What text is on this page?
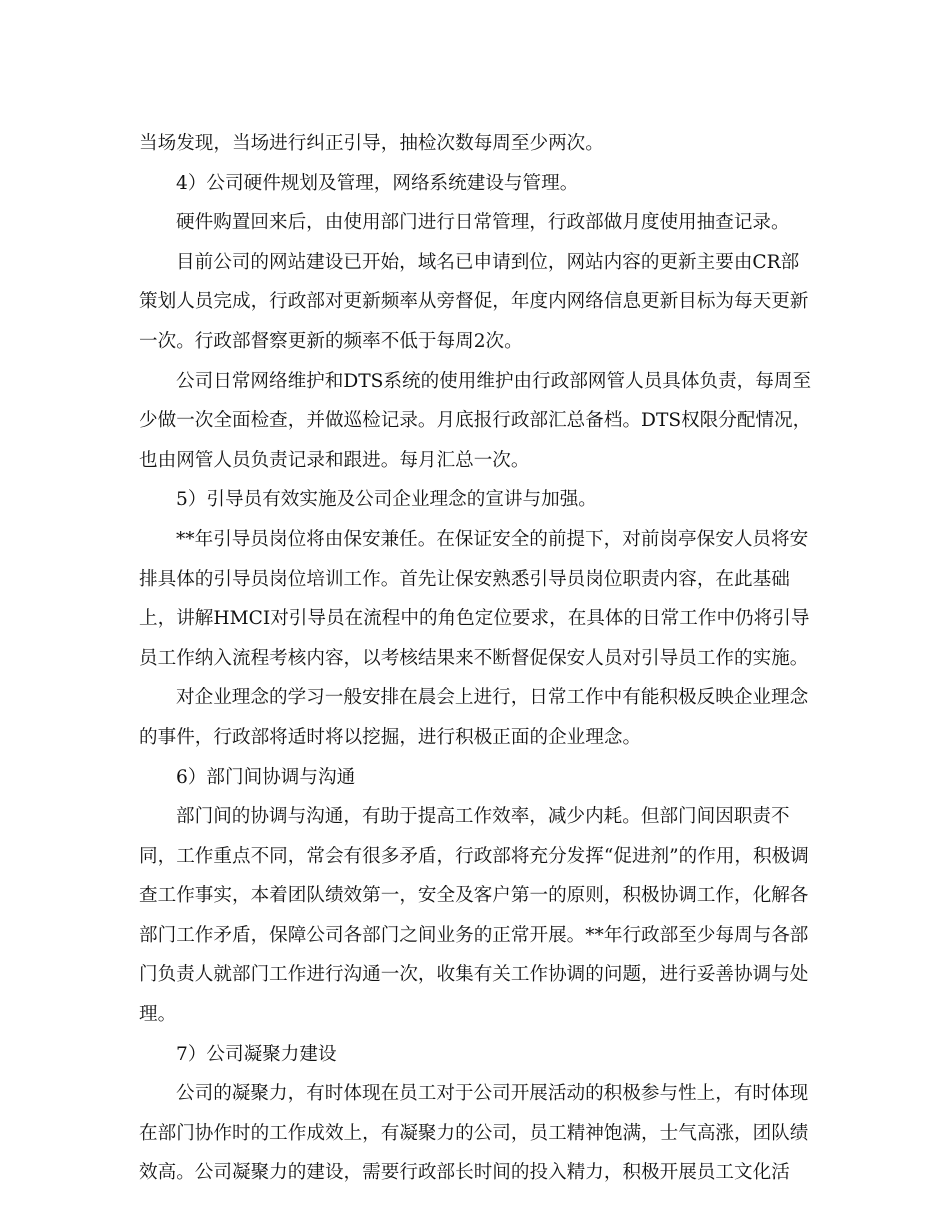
当场发现，当场进行纠正引导，抽检次数每周至少两次。
4）公司硬件规划及管理，网络系统建设与管理。
硬件购置回来后，由使用部门进行日常管理，行政部做月度使用抽查记录。
目前公司的网站建设已开始，域名已申请到位，网站内容的更新主要由CR部
策划人员完成，行政部对更新频率从旁督促，年度内网络信息更新目标为每天更新
一次。行政部督察更新的频率不低于每周2次。
公司日常网络维护和DTS系统的使用维护由行政部网管人员具体负责，每周至
少做一次全面检查，并做巡检记录。月底报行政部汇总备档。DTS权限分配情况，
也由网管人员负责记录和跟进。每月汇总一次。
5）引导员有效实施及公司企业理念的宣讲与加强。
**年引导员岗位将由保安兼任。在保证安全的前提下，对前岗亭保安人员将安
排具体的引导员岗位培训工作。首先让保安熟悉引导员岗位职责内容，在此基础
上，讲解HMCI对引导员在流程中的角色定位要求，在具体的日常工作中仍将引导
员工作纳入流程考核内容，以考核结果来不断督促保安人员对引导员工作的实施。
对企业理念的学习一般安排在晨会上进行，日常工作中有能积极反映企业理念
的事件，行政部将适时将以挖掘，进行积极正面的企业理念。
6）部门间协调与沟通
部门间的协调与沟通，有助于提高工作效率，减少内耗。但部门间因职责不
同，工作重点不同，常会有很多矛盾，行政部将充分发挥“促进剂”的作用，积极调
查工作事实，本着团队绩效第一，安全及客户第一的原则，积极协调工作，化解各
部门工作矛盾，保障公司各部门之间业务的正常开展。**年行政部至少每周与各部
门负责人就部门工作进行沟通一次，收集有关工作协调的问题，进行妥善协调与处
理。
7）公司凝聚力建设
公司的凝聚力，有时体现在员工对于公司开展活动的积极参与性上，有时体现
在部门协作时的工作成效上，有凝聚力的公司，员工精神饱满，士气高涨，团队绩
效高。公司凝聚力的建设，需要行政部长时间的投入精力，积极开展员工文化活
